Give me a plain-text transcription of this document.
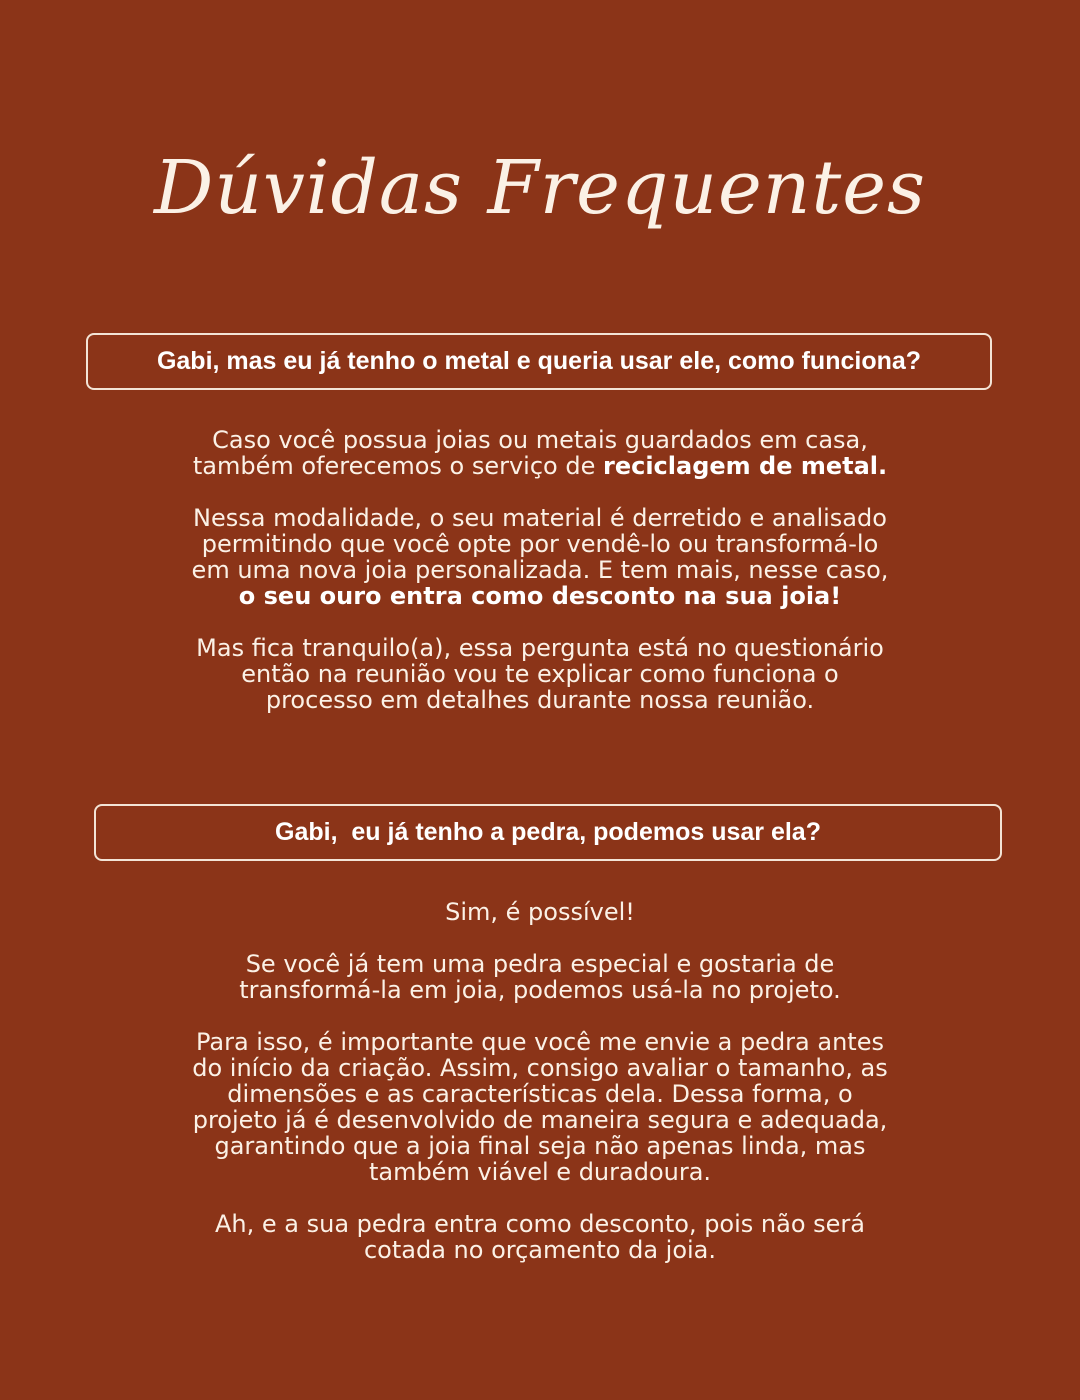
Dúvidas Frequentes
Gabi, mas eu já tenho o metal e queria usar ele, como funciona?

Caso você possua joias ou metais guardados em casa,
também oferecemos o serviço de reciclagem de metal.

Nessa modalidade, o seu material é derretido e analisado
permitindo que você opte por vendê-lo ou transformá-lo
em uma nova joia personalizada. E tem mais, nesse caso,
o seu ouro entra como desconto na sua joia!

Mas fica tranquilo(a), essa pergunta está no questionário
então na reunião vou te explicar como funciona o
processo em detalhes durante nossa reunião.

Gabi,  eu já tenho a pedra, podemos usar ela?

Sim, é possível!

Se você já tem uma pedra especial e gostaria de
transformá-la em joia, podemos usá-la no projeto.

Para isso, é importante que você me envie a pedra antes
do início da criação. Assim, consigo avaliar o tamanho, as
dimensões e as características dela. Dessa forma, o
projeto já é desenvolvido de maneira segura e adequada,
garantindo que a joia final seja não apenas linda, mas
também viável e duradoura.

Ah, e a sua pedra entra como desconto, pois não será
cotada no orçamento da joia.
